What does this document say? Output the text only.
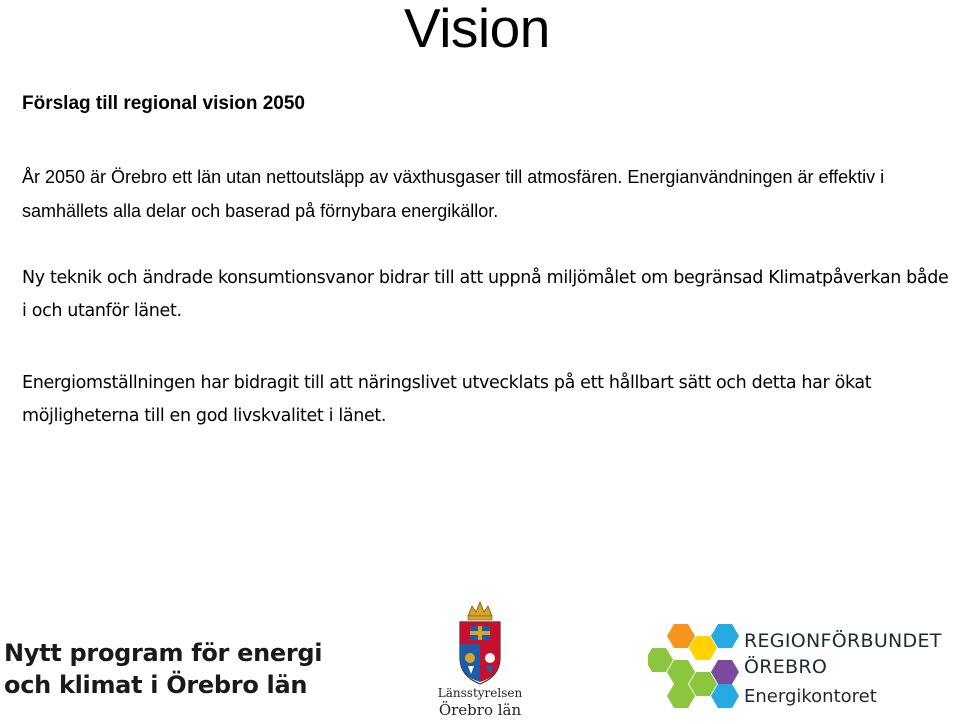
Vision
Förslag till regional vision 2050
År 2050 är Örebro ett län utan nettoutsläpp av växthusgaser till atmosfären. Energianvändningen är effektiv i samhällets alla delar och baserad på förnybara energikällor.
Ny teknik och ändrade konsumtionsvanor bidrar till att uppnå miljömålet om begränsad Klimatpåverkan både i och utanför länet.
Energiomställningen har bidragit till att näringslivet utvecklats på ett hållbart sätt och detta har ökat möjligheterna till en god livskvalitet i länet.
Nytt program för energi
och klimat i Örebro län	Länsstyrelsen
Örebro län
REGIONFÖRBUNDET
ÖREBRO
Energikontoret
